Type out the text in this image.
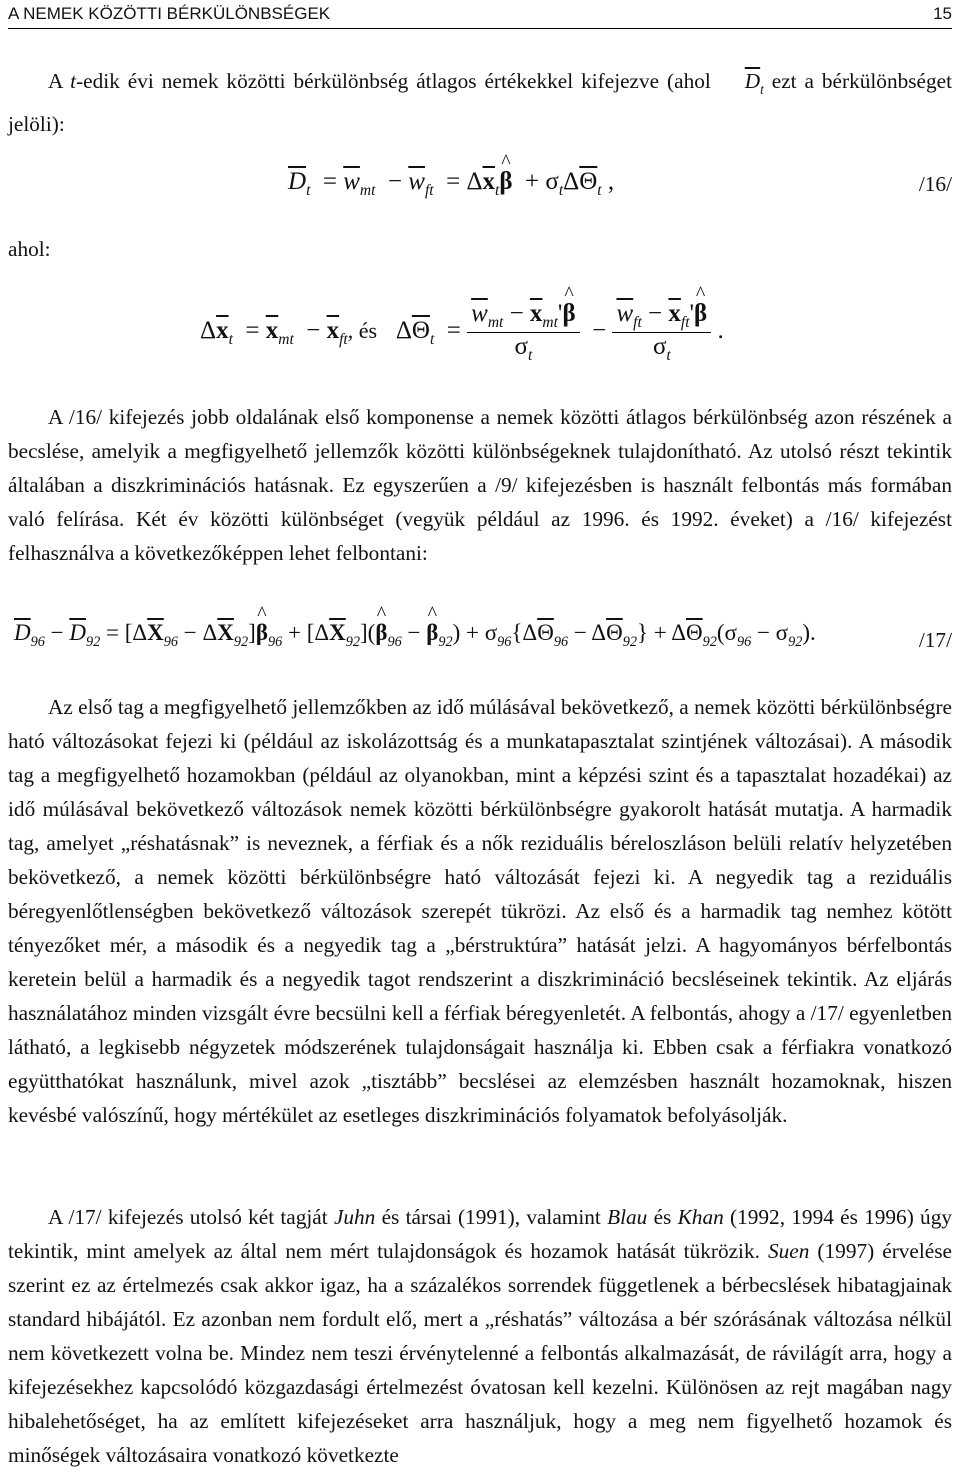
A NEMEK KÖZÖTTI BÉRKÜLÖNBSÉGEK	15

A t-edik évi nemek közötti bérkülönbség átlagos értékekkel kifejezve (ahol $\overline{D}_t$ ezt a bérkülönbséget jelöli):

$\overline{D}_t = \overline{w}_{mt} - \overline{w}_{ft}$  = $\Delta\overline{x}_t\^{}$ $\beta + \sigma_t\Delta\overline{\Theta}_t$ ,	/16/

ahol:

$\Delta\overline{x}_t = \overline{x}_{mt} - \overline{x}_{ft}$, és   $\Delta\overline{\Theta}_t = \frac{\overline{w}_{mt} - \overline{x}_{mt}'\^{} \beta}{\sigma_t} - \frac{\overline{w}_{ft} - \overline{x}_{ft}'\^{} \beta}{\sigma_t}$ .

A /16/ kifejezés jobb oldalának első komponense a nemek közötti átlagos bérkülönbség azon részének a becslése, amelyik a megfigyelhető jellemzők közötti különbségeknek tulajdonítható. Az utolsó részt tekintik általában a diszkriminációs hatásnak. Ez egyszerűen a /9/ kifejezésben is használt felbontás más formában való felírása. Két év közötti különbséget (vegyük például az 1996. és 1992. éveket) a /16/ kifejezést felhasználva a következőképpen lehet felbontani:

$\overline{D}_{96} - \overline{D}_{92} = [\Delta\overline{X}_{96}$ − $\Delta\overline{X}_{92}]\^{}$ $\beta_{96}$ + $[\Delta\overline{X}_{92}](\^{}$ $\beta_{96}$ − ^ $\beta_{92}) + \sigma_{96}\{\Delta\overline{\Theta}_{96} - \Delta\overline{\Theta}_{92}\} + \Delta\overline{\Theta}_{92}(\sigma_{96} - \sigma_{92})$.	/17/

Az első tag a megfigyelhető jellemzőkben az idő múlásával bekövetkező, a nemek közötti bérkülönbségre ható változásokat fejezi ki (például az iskolázottság és a munkatapasztalat szintjének változásai). A második tag a megfigyelhető hozamokban (például az olyanokban, mint a képzési szint és a tapasztalat hozadékai) az idő múlásával bekövetkező változások nemek közötti bérkülönbségre gyakorolt hatását mutatja. A harmadik tag, amelyet „réshatásnak” is neveznek, a férfiak és a nők reziduális béreloszláson belüli relatív helyzetében bekövetkező, a nemek közötti bérkülönbségre ható változását fejezi ki. A negyedik tag a reziduális béregyenlőtlenségben bekövetkező változások szerepét tükrözi. Az első és a harmadik tag nemhez kötött tényezőket mér, a második és a negyedik tag a „bérstruktúra” hatását jelzi. A hagyományos bérfelbontás keretein belül a harmadik és a negyedik tagot rendszerint a diszkrimináció becsléseinek tekintik. Az eljárás használatához minden vizsgált évre becsülni kell a férfiak béregyenletét. A felbontás, ahogy a /17/ egyenletben látható, a legkisebb négyzetek módszerének tulajdonságait használja ki. Ebben csak a férfiakra vonatkozó együtthatókat használunk, mivel azok „tisztább” becslései az elemzésben használt hozamoknak, hiszen kevésbé valószínű, hogy mértékület az esetleges diszkriminációs folyamatok befolyásolják.

A /17/ kifejezés utolsó két tagját Juhn és társai (1991), valamint Blau és Khan (1992, 1994 és 1996) úgy tekintik, mint amelyek az által nem mért tulajdonságok és hozamok hatását tükrözik. Suen (1997) érvelése szerint ez az értelmezés csak akkor igaz, ha a százalékos sorrendek függetlenek a bérbecslések hibatagjainak standard hibájától. Ez azonban nem fordult elő, mert a „réshatás” változása a bér szórásának változása nélkül nem következett volna be. Mindez nem teszi érvénytelenné a felbontás alkalmazását, de rávilágít arra, hogy a kifejezésekhez kapcsolódó közgazdasági értelmezést óvatosan kell kezelni. Különösen az rejt magában nagy hibalehetőséget, ha az említett kifejezéseket arra használjuk, hogy a meg nem figyelhető hozamok és minőségek változásaira vonatkozó következte
